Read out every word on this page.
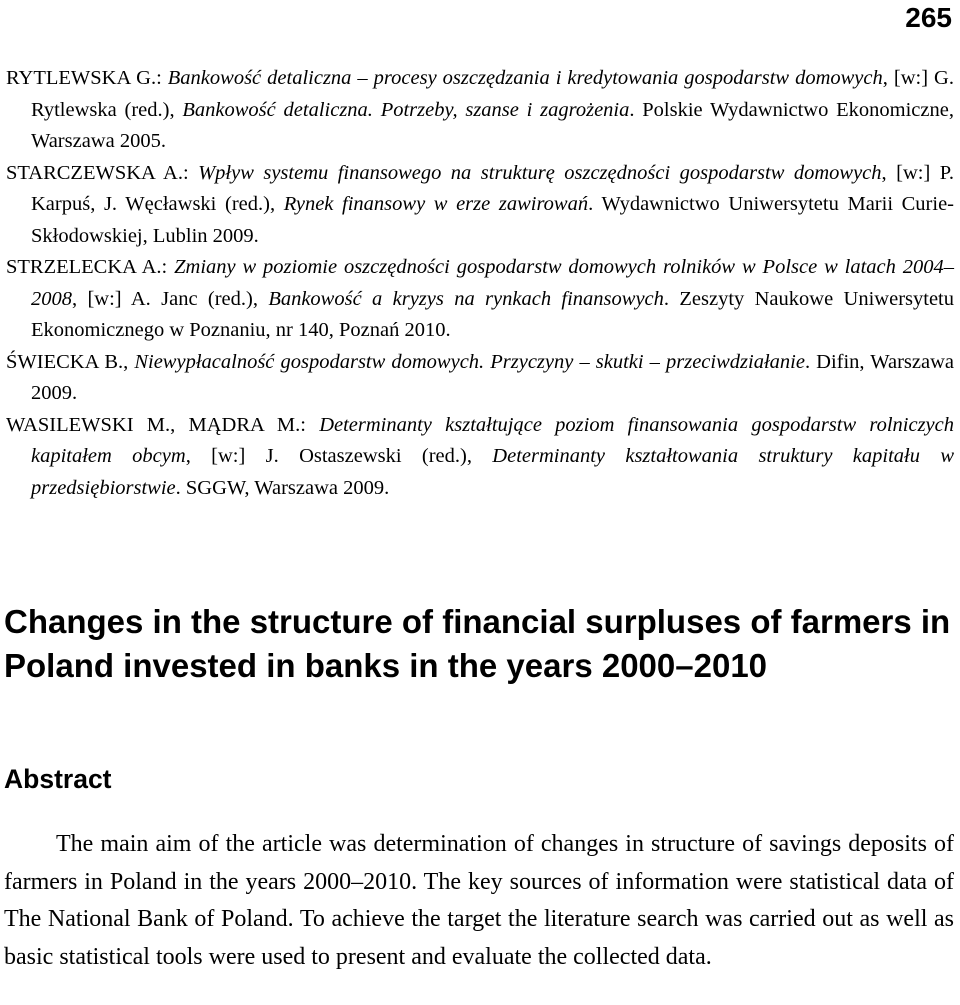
265

RYTLEWSKA G.: Bankowość detaliczna – procesy oszczędzania i kredytowania gospodarstw domowych, [w:] G. Rytlewska (red.), Bankowość detaliczna. Potrzeby, szanse i zagrożenia. Polskie Wydawnictwo Ekonomiczne, Warszawa 2005.

STARCZEWSKA A.: Wpływ systemu finansowego na strukturę oszczędności gospodarstw domowych, [w:] P. Karpuś, J. Węcławski (red.), Rynek finansowy w erze zawirowań. Wydawnictwo Uniwersytetu Marii Curie-Skłodowskiej, Lublin 2009.

STRZELECKA A.: Zmiany w poziomie oszczędności gospodarstw domowych rolników w Polsce w latach 2004–2008, [w:] A. Janc (red.), Bankowość a kryzys na rynkach finansowych. Zeszyty Naukowe Uniwersytetu Ekonomicznego w Poznaniu, nr 140, Poznań 2010.

ŚWIECKA B., Niewypłacalność gospodarstw domowych. Przyczyny – skutki – przeciwdziałanie. Difin, Warszawa 2009.

WASILEWSKI M., MĄDRA M.: Determinanty kształtujące poziom finansowania gospodarstw rolniczych kapitałem obcym, [w:] J. Ostaszewski (red.), Determinanty kształtowania struktury kapitału w przedsiębiorstwie. SGGW, Warszawa 2009.

Changes in the structure of financial surpluses of farmers in Poland invested in banks in the years 2000–2010
Abstract

The main aim of the article was determination of changes in structure of savings deposits of farmers in Poland in the years 2000–2010. The key sources of information were statistical data of The National Bank of Poland. To achieve the target the literature search was carried out as well as basic statistical tools were used to present and evaluate the collected data.
